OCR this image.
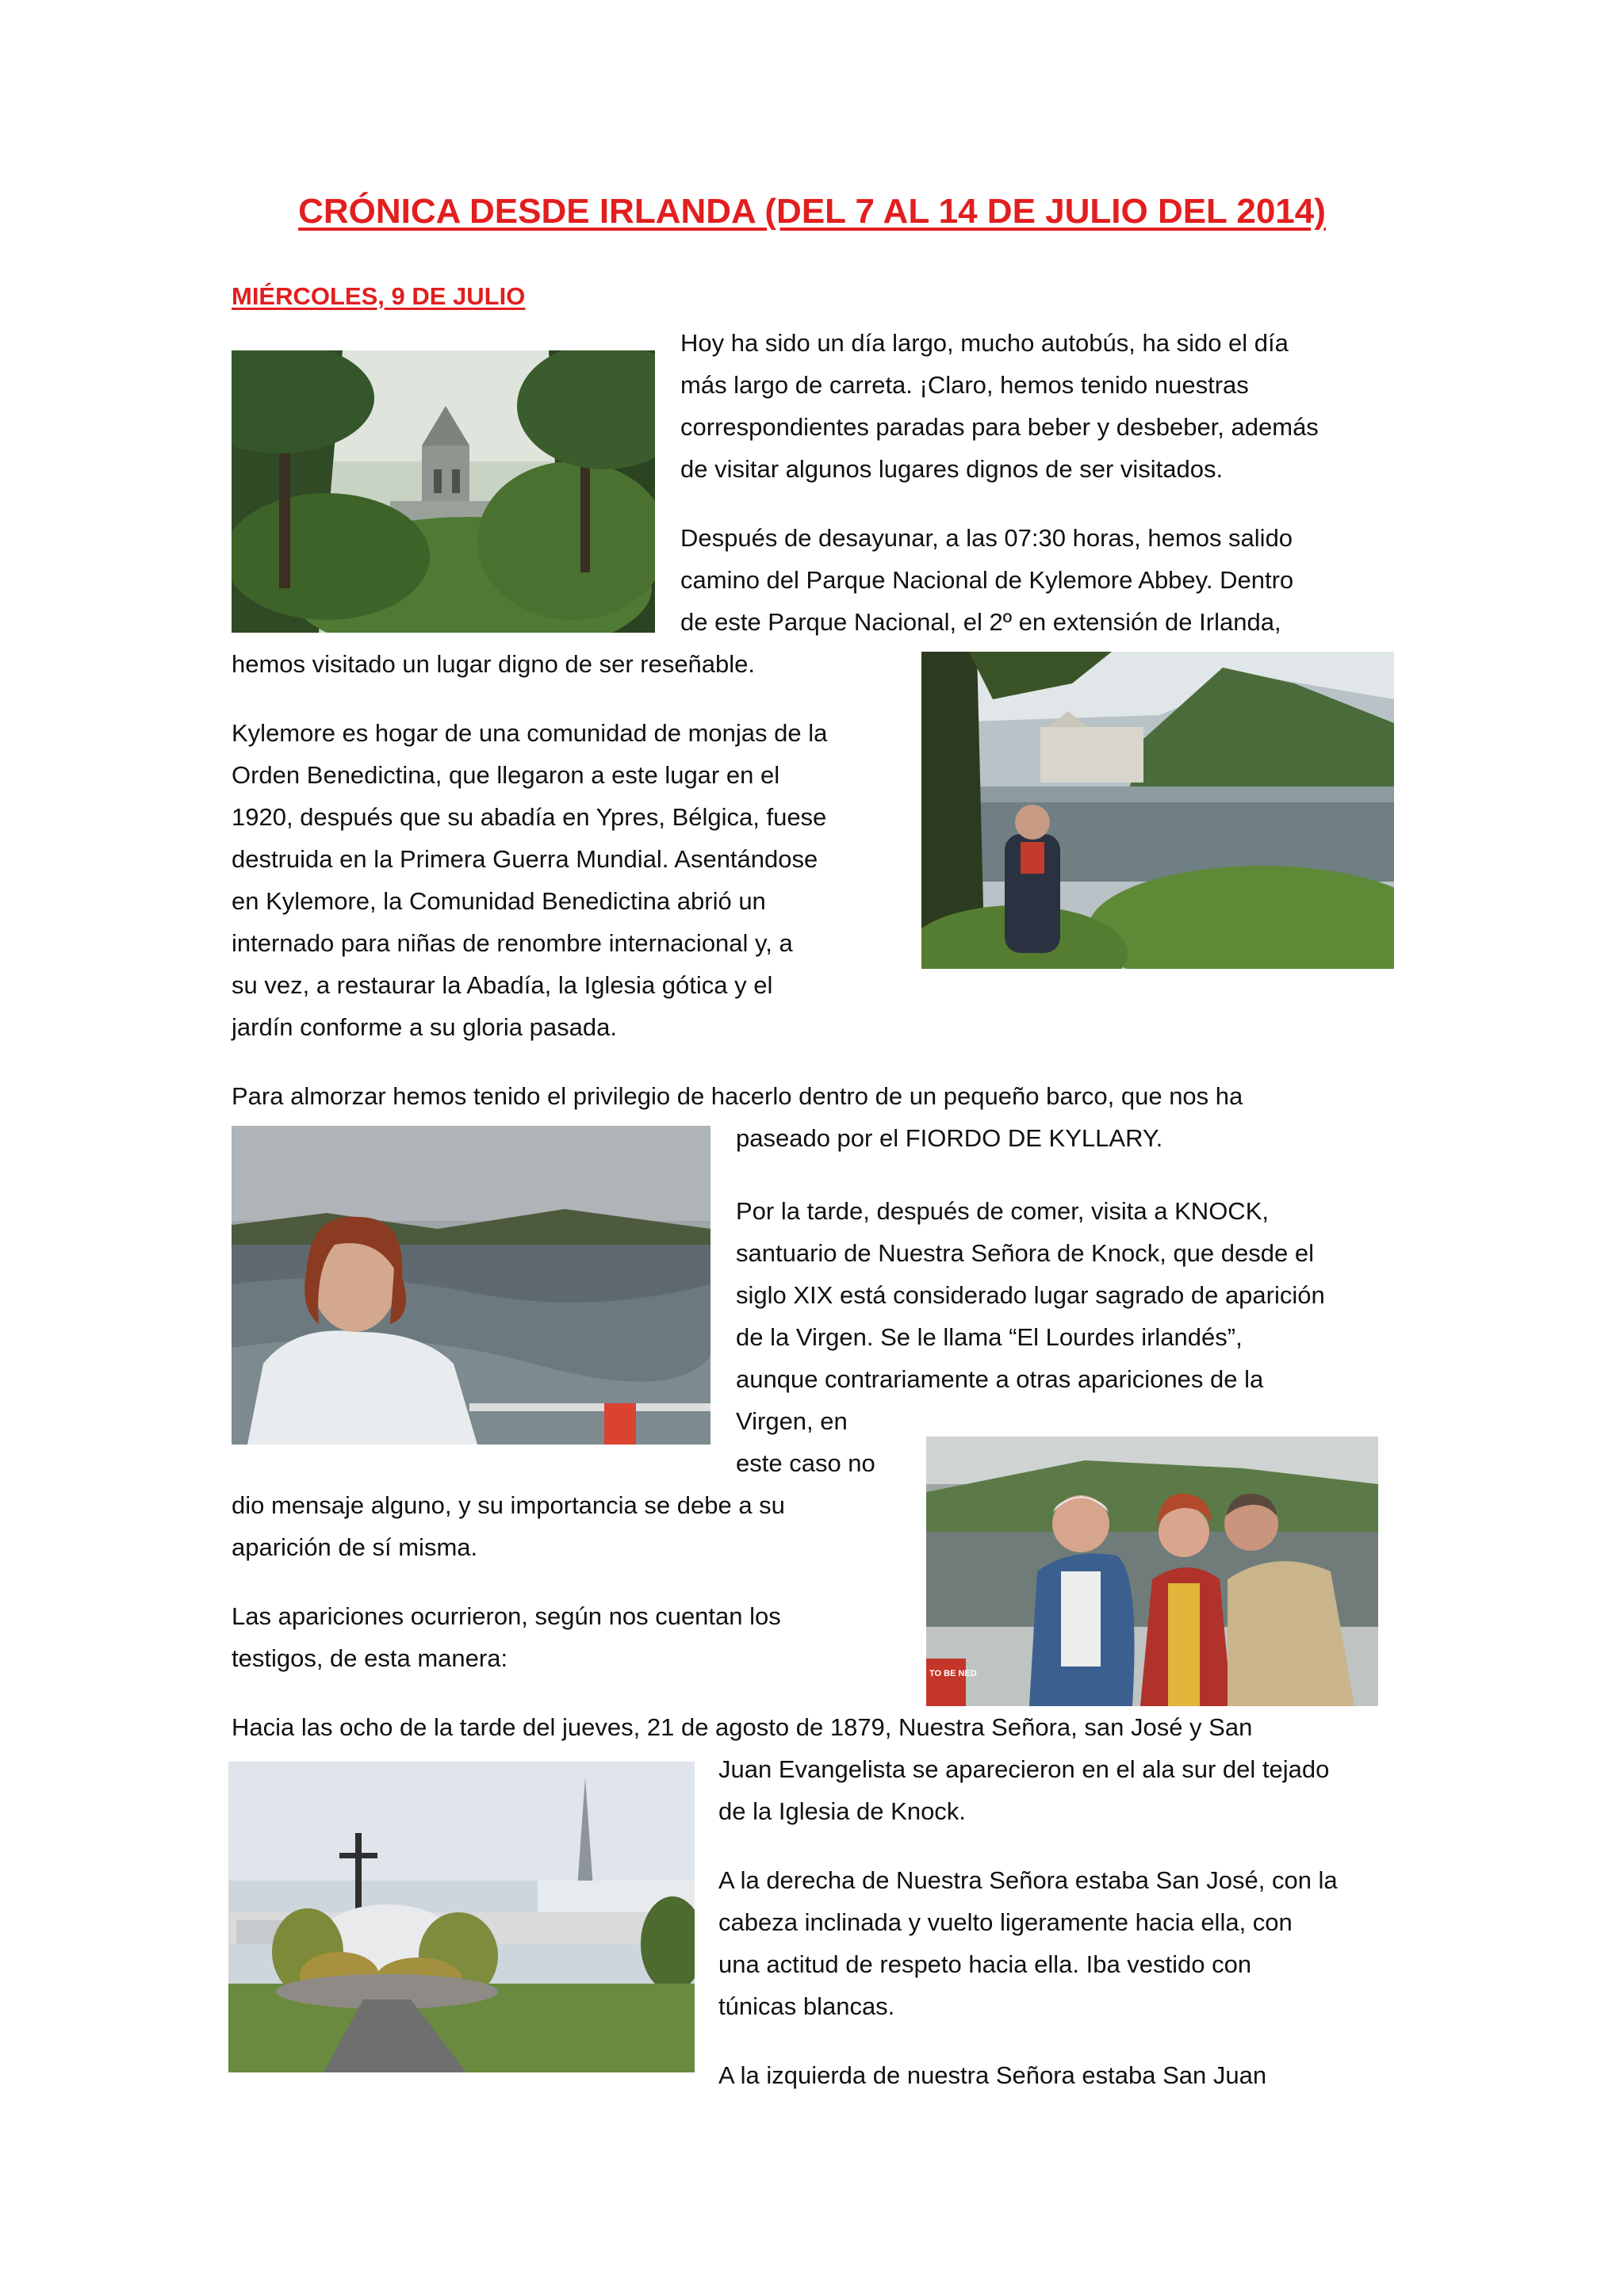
CRÓNICA DESDE IRLANDA (DEL 7 AL 14 DE JULIO DEL 2014)
MIÉRCOLES, 9 DE JULIO
Hoy ha sido un día largo, mucho autobús, ha sido el día
más largo de carreta. ¡Claro, hemos tenido nuestras
correspondientes paradas para beber y desbeber, además
de visitar algunos lugares dignos de ser visitados.
Después de desayunar, a las 07:30 horas, hemos salido
camino del Parque Nacional de Kylemore Abbey. Dentro
de este Parque Nacional, el 2º en extensión de Irlanda,
hemos visitado un lugar digno de ser reseñable.
Kylemore es hogar de una comunidad de monjas de la
Orden Benedictina, que llegaron a este lugar en el
1920, después que su abadía en Ypres, Bélgica, fuese
destruida en la Primera Guerra Mundial. Asentándose
en Kylemore, la Comunidad Benedictina abrió un
internado para niñas de renombre internacional y, a
su vez, a restaurar la Abadía, la Iglesia gótica y el
jardín conforme a su gloria pasada.
Para almorzar hemos tenido el privilegio de hacerlo dentro de un pequeño barco, que nos ha
paseado por el FIORDO DE KYLLARY.
Por la tarde, después de comer, visita a KNOCK,
santuario de Nuestra Señora de Knock, que desde el
siglo XIX está considerado lugar sagrado de aparición
de la Virgen. Se le llama “El Lourdes irlandés”,
aunque contrariamente a otras apariciones de la
Virgen, en
este caso no
dio mensaje alguno, y su importancia se debe a su
aparición de sí misma.
Las apariciones ocurrieron, según nos cuentan los
testigos, de esta manera:
Hacia las ocho de la tarde del jueves, 21 de agosto de 1879, Nuestra Señora, san José y San
Juan Evangelista se aparecieron en el ala sur del tejado
de la Iglesia de Knock.
A la derecha de Nuestra Señora estaba San José, con la
cabeza inclinada y vuelto ligeramente hacia ella, con
una actitud de respeto hacia ella. Iba vestido con
túnicas blancas.
A la izquierda de nuestra Señora estaba San Juan
TO BE NED
